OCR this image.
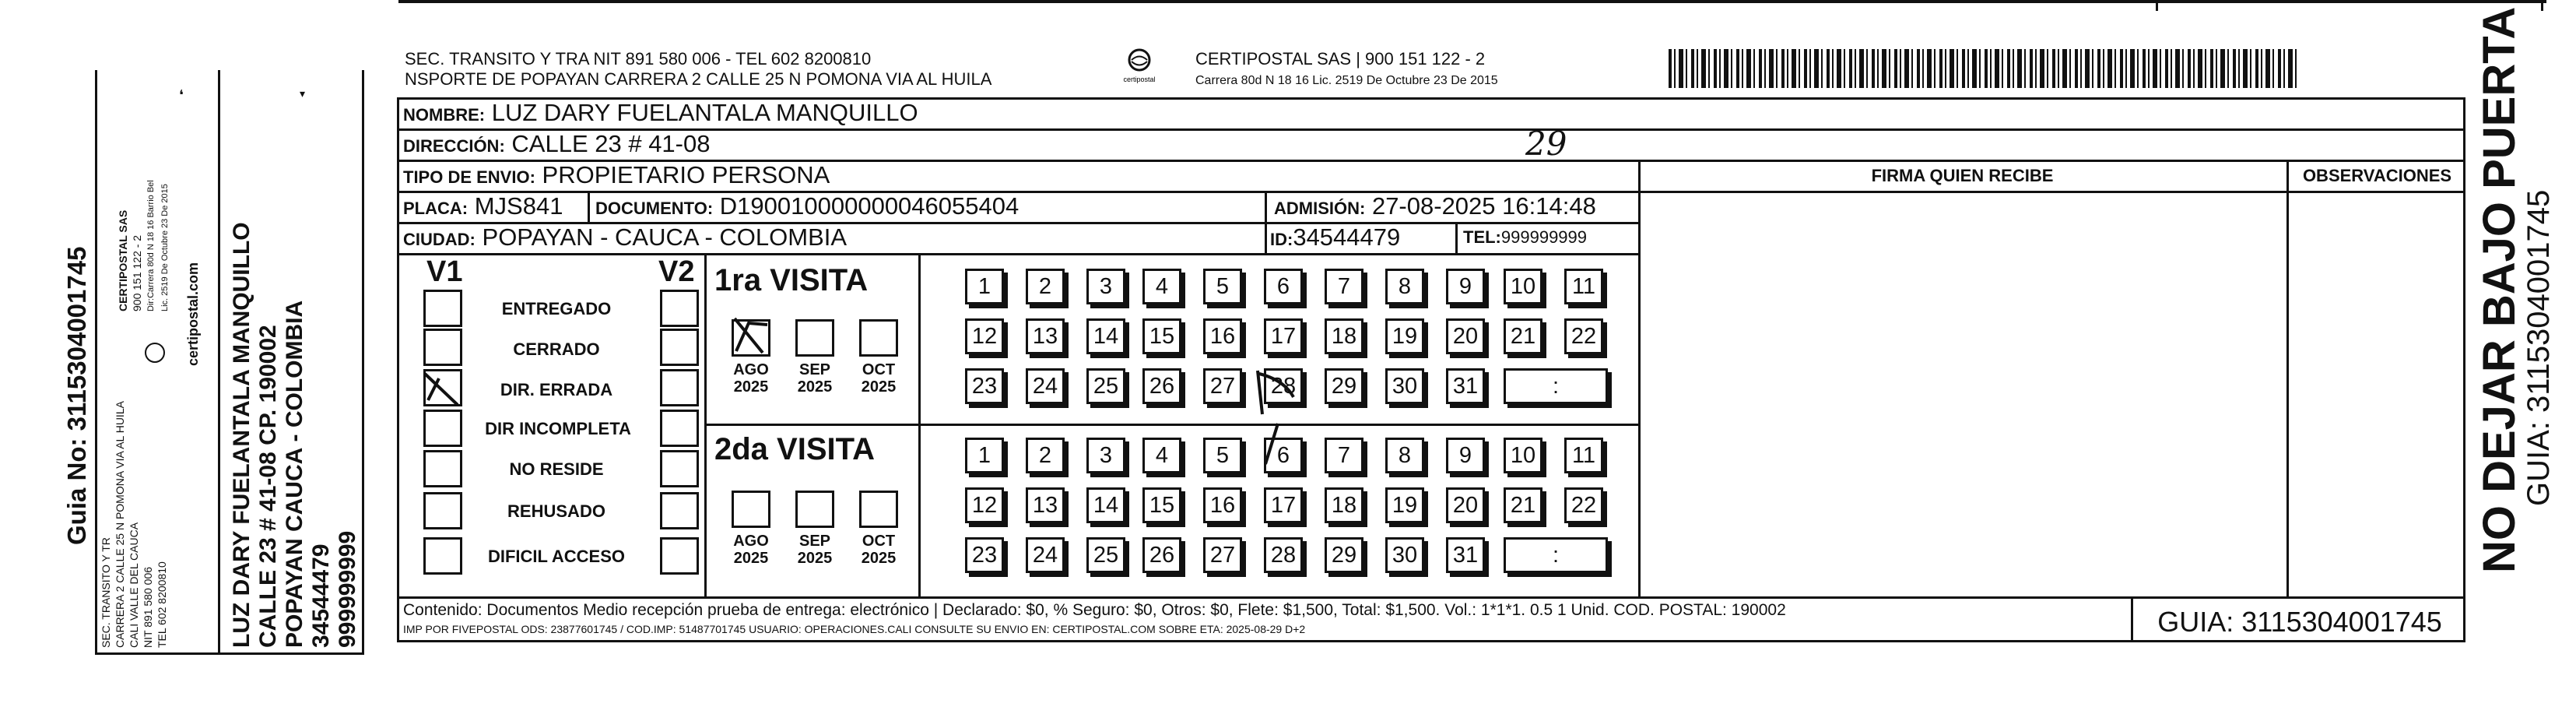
Guia No: 3115304001745
SEC. TRANSITO Y TR CARRERA 2 CALLE 25 N POMONA VIA AL HUILA CALI VALLE DEL CAUCA NIT 891 580 006 TEL 602 8200810
CERTIPOSTAL SAS 900 151 122 - 2 Dir:Carrera 80d N 18 16 Barrio Bel Lic. 2519 De Octubre 23 De 2015
certipostal.com
❛	▾
LUZ DARY FUELANTALA MANQUILLO CALLE 23 # 41-08 CP. 190002 POPAYAN CAUCA - COLOMBIA 34544479 999999999
SEC. TRANSITO Y TRA NIT 891 580 006 - TEL 602 8200810
NSPORTE DE POPAYAN CARRERA 2 CALLE 25 N POMONA VIA AL HUILA	certipostal
CERTIPOSTAL SAS | 900 151 122 - 2
Carrera 80d N 18 16 Lic. 2519 De Octubre 23 De 2015
NOMBRE: LUZ DARY FUELANTALA MANQUILLO
DIRECCIÓN: CALLE 23 # 41-08	29
TIPO DE ENVIO: PROPIETARIO PERSONA
PLACA: MJS841 DOCUMENTO: D190010000000046055404	ADMISIÓN: 27-08-2025 16:14:48
CIUDAD: POPAYAN - CAUCA - COLOMBIA	ID:34544479	TEL:999999999
FIRMA QUIEN RECIBE	OBSERVACIONES
V1	V2
ENTREGADO
CERRADO
DIR. ERRADA
DIR INCOMPLETA
NO RESIDE
REHUSADO
DIFICIL ACCESO
1ra VISITA
2da VISITA
AGO
2025
SEP
2025
OCT
2025
AGO
2025
SEP
2025
OCT
2025
1	2	3	4	5	6	7	8	9	10	11
12	13	14	15	16	17	18	19	20	21	22
23	24	25	26	27	28	29	30	31	:
1	2	3	4	5	6	7	8	9	10	11
12	13	14	15	16	17	18	19	20	21	22
23	24	25	26	27	28	29	30	31	:
Contenido: Documentos Medio recepción prueba de entrega: electrónico | Declarado: $0, % Seguro: $0, Otros: $0, Flete: $1,500, Total: $1,500. Vol.: 1*1*1. 0.5 1 Unid. COD. POSTAL: 190002
IMP POR FIVEPOSTAL ODS: 23877601745 / COD.IMP: 51487701745 USUARIO: OPERACIONES.CALI CONSULTE SU ENVIO EN: CERTIPOSTAL.COM SOBRE ETA: 2025-08-29 D+2	GUIA: 3115304001745
NO DEJAR BAJO PUERTA
GUIA: 3115304001745
